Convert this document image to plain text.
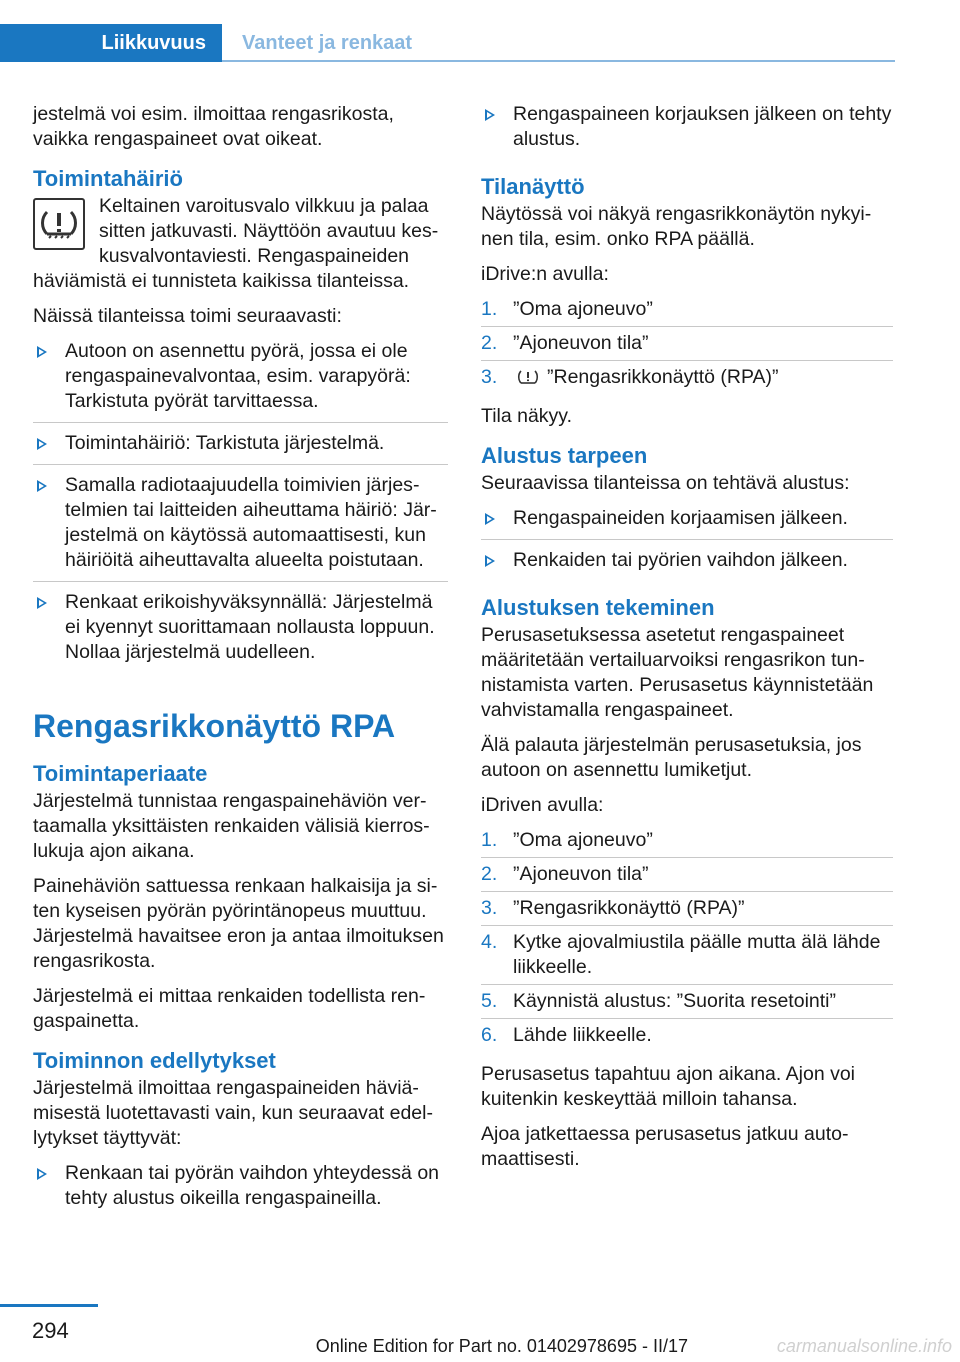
Liikkuvuus	Vanteet ja renkaat

jestelmä voi esim. ilmoittaa rengasrikosta, vaikka rengaspaineet ovat oikeat.

Toimintahäiriö

Keltainen varoitusvalo vilkkuu ja palaa sitten jatkuvasti. Näyttöön avautuu keskusvalvontaviesti. Rengaspaineiden häviämistä ei tunnisteta kaikissa tilanteissa.

Näissä tilanteissa toimi seuraavasti:

Autoon on asennettu pyörä, jossa ei ole rengaspainevalvontaa, esim. varapyörä: Tarkistuta pyörät tarvittaessa.
Toimintahäiriö: Tarkistuta järjestelmä.
Samalla radiotaajuudella toimivien järjestelmien tai laitteiden aiheuttama häiriö: Järjestelmä on käytössä automaattisesti, kun häiriöitä aiheuttavalta alueelta poistutaan.
Renkaat erikoishyväksynnällä: Järjestelmä ei kyennyt suorittamaan nollausta loppuun. Nollaa järjestelmä uudelleen.
Rengasrikkonäyttö RPA
Toimintaperiaate

Järjestelmä tunnistaa rengaspainehäviön vertaamalla yksittäisten renkaiden välisiä kierroslukuja ajon aikana.

Painehäviön sattuessa renkaan halkaisija ja siten kyseisen pyörän pyörintänopeus muuttuu. Järjestelmä havaitsee eron ja antaa ilmoituksen rengasrikosta.

Järjestelmä ei mittaa renkaiden todellista rengaspainetta.

Toiminnon edellytykset

Järjestelmä ilmoittaa rengaspaineiden häviämisestä luotettavasti vain, kun seuraavat edellytykset täyttyvät:

Renkaan tai pyörän vaihdon yhteydessä on tehty alustus oikeilla rengaspaineilla.
Rengaspaineen korjauksen jälkeen on tehty alustus.
Tilanäyttö

Näytössä voi näkyä rengasrikkonäytön nykyinen tila, esim. onko RPA päällä.

iDrive:n avulla:

1. ”Oma ajoneuvo”
2. ”Ajoneuvon tila”
3.	”Rengasrikkonäyttö (RPA)”

Tila näkyy.

Alustus tarpeen

Seuraavissa tilanteissa on tehtävä alustus:

Rengaspaineiden korjaamisen jälkeen.
Renkaiden tai pyörien vaihdon jälkeen.
Alustuksen tekeminen

Perusasetuksessa asetetut rengaspaineet määritetään vertailuarvoiksi rengasrikon tunnistamista varten. Perusasetus käynnistetään vahvistamalla rengaspaineet.

Älä palauta järjestelmän perusasetuksia, jos autoon on asennettu lumiketjut.

iDriven avulla:

1. ”Oma ajoneuvo”
2. ”Ajoneuvon tila”
3. ”Rengasrikkonäyttö (RPA)”
4. Kytke ajovalmiustila päälle mutta älä lähde liikkeelle.
5. Käynnistä alustus: ”Suorita resetointi”
6. Lähde liikkeelle.

Perusasetus tapahtuu ajon aikana. Ajon voi kuitenkin keskeyttää milloin tahansa.

Ajoa jatkettaessa perusasetus jatkuu automaattisesti.

294
Online Edition for Part no. 01402978695 - II/17	carmanualsonline.info
